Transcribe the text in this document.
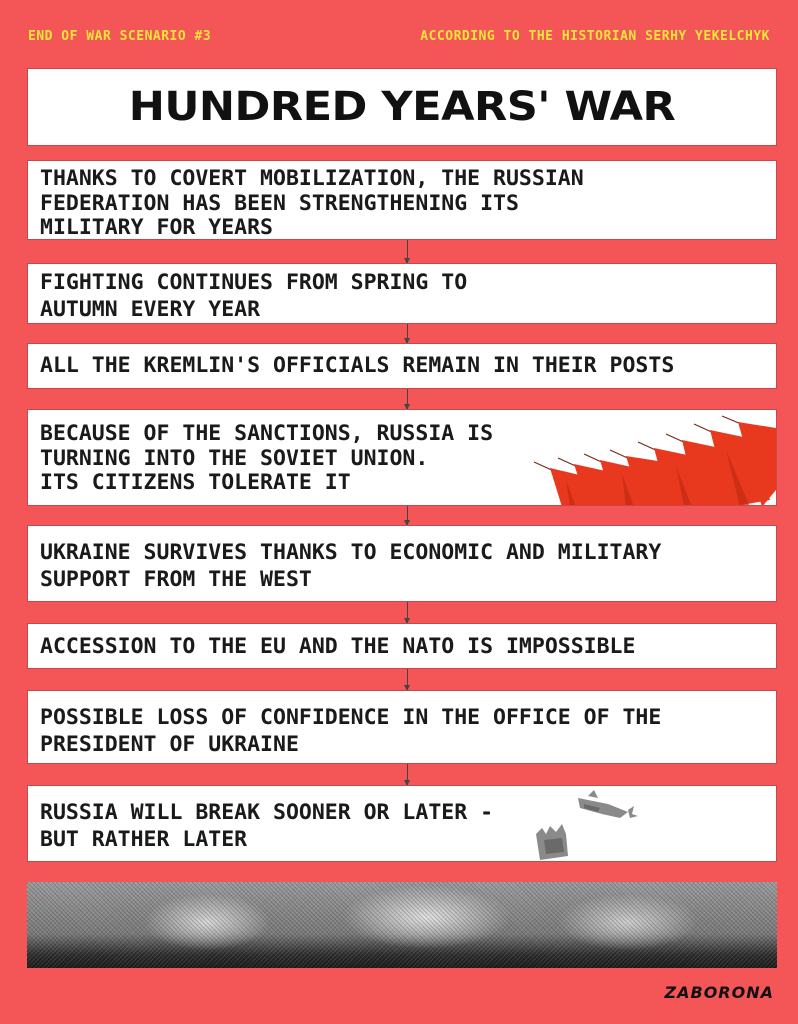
END OF WAR SCENARIO #3	ACCORDING TO THE HISTORIAN SERHY YEKELCHYK
HUNDRED YEARS' WAR
THANKS TO COVERT MOBILIZATION, THE RUSSIAN
FEDERATION HAS BEEN STRENGTHENING ITS
MILITARY FOR YEARS
FIGHTING CONTINUES FROM SPRING TO
AUTUMN EVERY YEAR
ALL THE KREMLIN'S OFFICIALS REMAIN IN THEIR POSTS
BECAUSE OF THE SANCTIONS, RUSSIA IS
TURNING INTO THE SOVIET UNION.
ITS CITIZENS TOLERATE IT
UKRAINE SURVIVES THANKS TO ECONOMIC AND MILITARY
SUPPORT FROM THE WEST
ACCESSION TO THE EU AND THE NATO IS IMPOSSIBLE
POSSIBLE LOSS OF CONFIDENCE IN THE OFFICE OF THE
PRESIDENT OF UKRAINE
RUSSIA WILL BREAK SOONER OR LATER -
BUT RATHER LATER
ZABORONA
